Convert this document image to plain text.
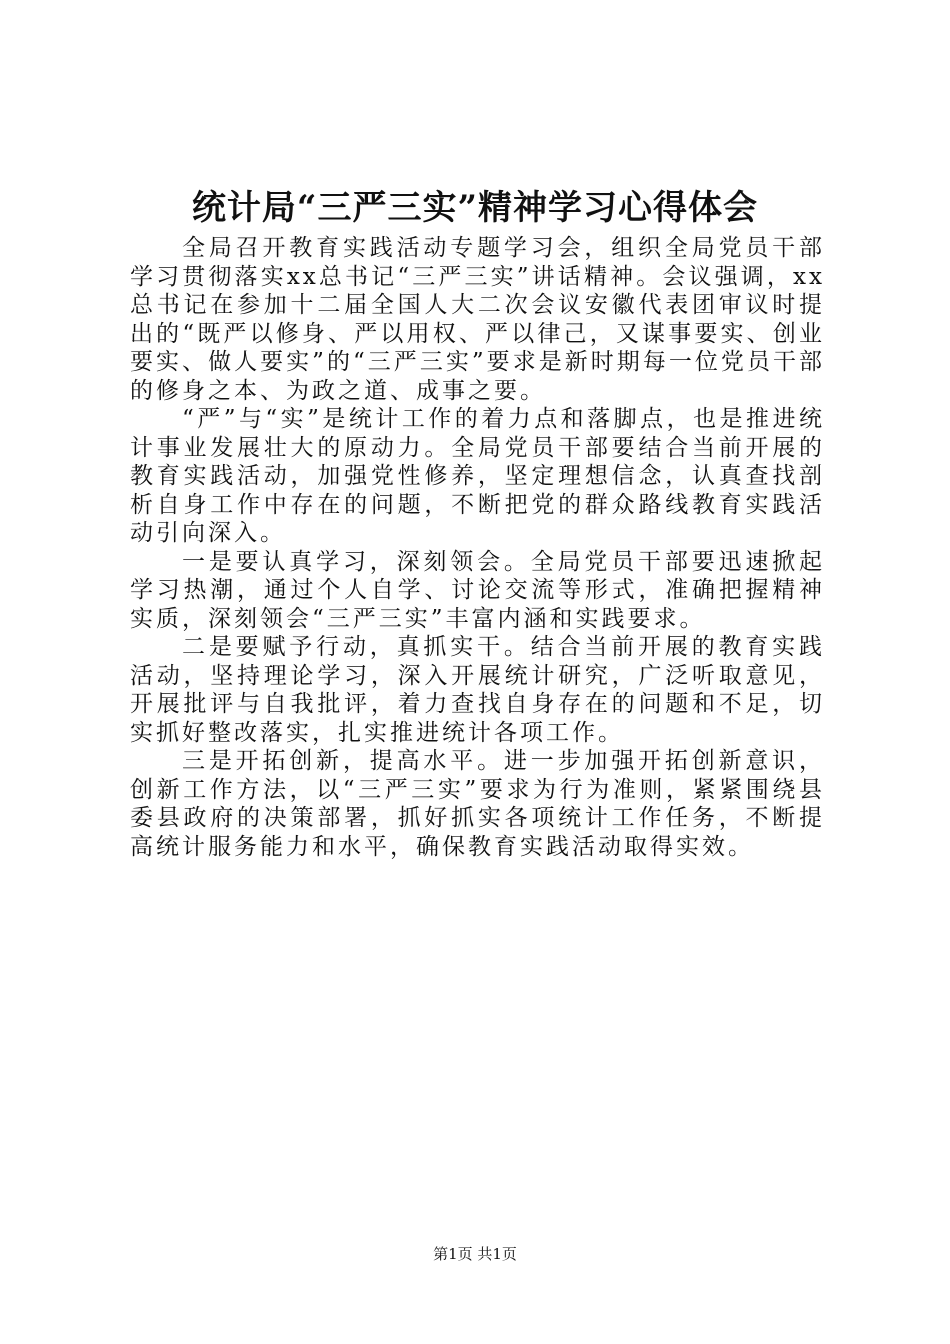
统计局“三严三实”精神学习心得体会

全局召开教育实践活动专题学习会，组织全局党员干部学习贯彻落实xx总书记“三严三实”讲话精神。会议强调，xx总书记在参加十二届全国人大二次会议安徽代表团审议时提出的“既严以修身、严以用权、严以律己，又谋事要实、创业要实、做人要实”的“三严三实”要求是新时期每一位党员干部的修身之本、为政之道、成事之要。

“严”与“实”是统计工作的着力点和落脚点，也是推进统计事业发展壮大的原动力。全局党员干部要结合当前开展的教育实践活动，加强党性修养，坚定理想信念，认真查找剖析自身工作中存在的问题，不断把党的群众路线教育实践活动引向深入。

一是要认真学习，深刻领会。全局党员干部要迅速掀起学习热潮，通过个人自学、讨论交流等形式，准确把握精神实质，深刻领会“三严三实”丰富内涵和实践要求。

二是要赋予行动，真抓实干。结合当前开展的教育实践活动，坚持理论学习，深入开展统计研究，广泛听取意见，开展批评与自我批评，着力查找自身存在的问题和不足，切实抓好整改落实，扎实推进统计各项工作。

三是开拓创新，提高水平。进一步加强开拓创新意识，创新工作方法，以“三严三实”要求为行为准则，紧紧围绕县委县政府的决策部署，抓好抓实各项统计工作任务，不断提高统计服务能力和水平，确保教育实践活动取得实效。

第1页 共1页
